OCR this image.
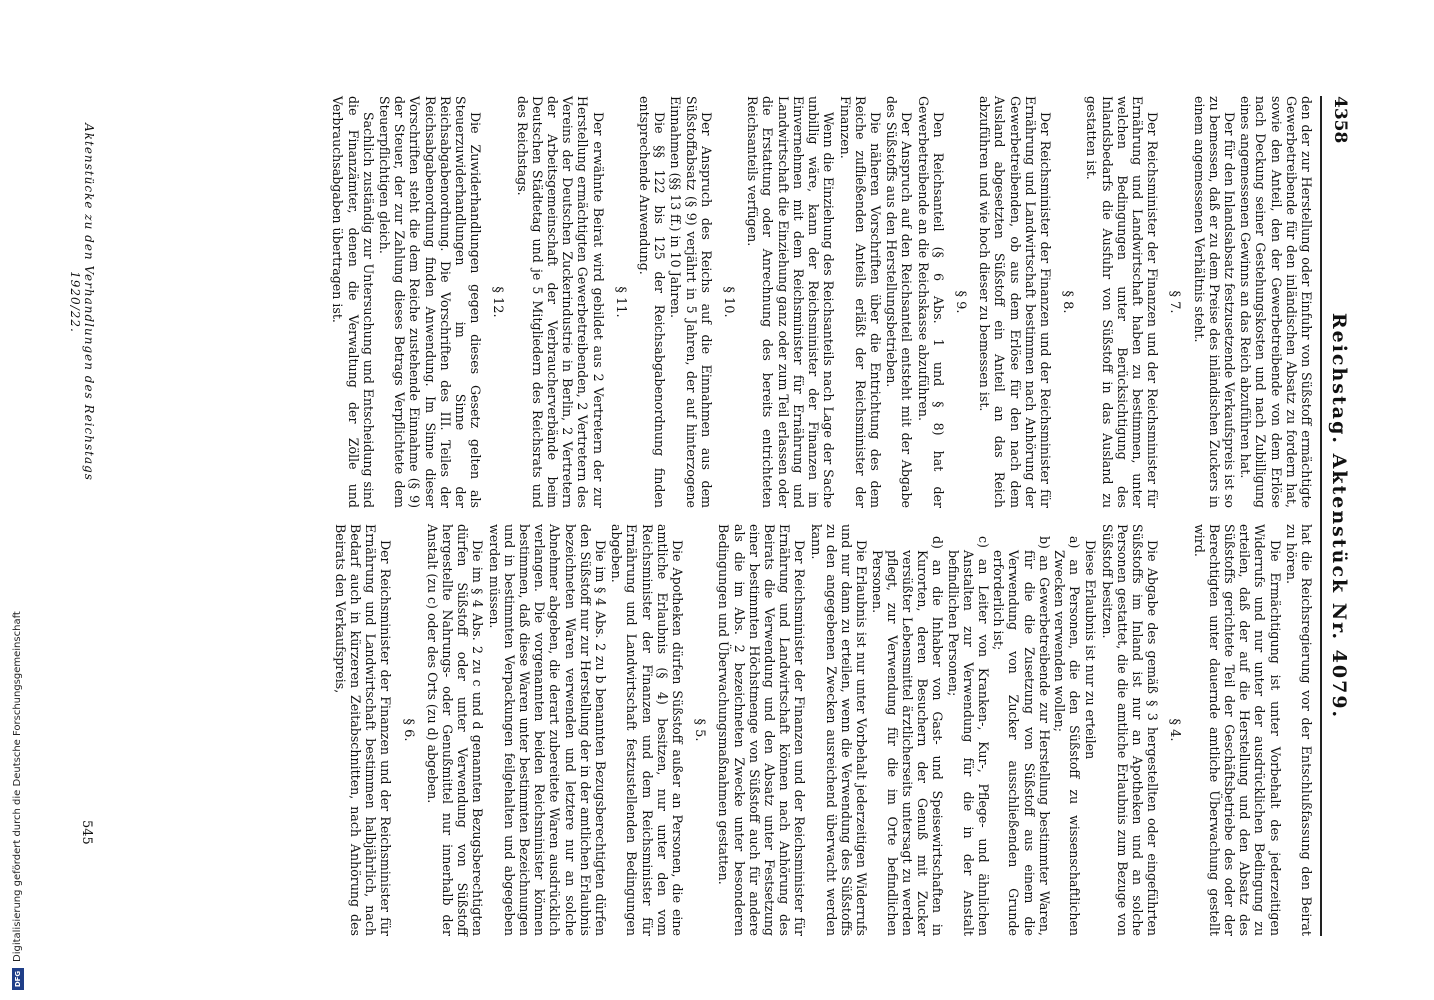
4358
Reichstag. Aktenstück Nr. 4079.

hat die Reichsregierung vor der Entschlußfassung den Beirat zu hören.

Die Ermächtigung ist unter Vorbehalt des jederzeitigen Widerrufs und nur unter der ausdrücklichen Bedingung zu erteilen, daß der auf die Herstellung und den Absatz des Süßstoffs gerichtete Teil der Geschäftsbetriebe des oder der Berechtigten unter dauernde amtliche Überwachung gestellt wird.

§ 4.

Die Abgabe des gemäß § 3 hergestellten oder eingeführten Süßstoffs im Inland ist nur an Apotheken und an solche Personen gestattet, die die amtliche Erlaubnis zum Bezuge von Süßstoff besitzen.

Diese Erlaubnis ist nur zu erteilen

a) an Personen, die den Süßstoff zu wissenschaftlichen Zwecken verwenden wollen;

b) an Gewerbetreibende zur Herstellung bestimmter Waren, für die die Zusetzung von Süßstoff aus einem die Verwendung von Zucker ausschließenden Grunde erforderlich ist;

c) an Leiter von Kranken-, Kur-, Pflege- und ähnlichen Anstalten zur Verwendung für die in der Anstalt befindlichen Personen;

d) an die Inhaber von Gast- und Speisewirtschaften in Kurorten, deren Besuchern der Genuß mit Zucker versüßter Lebensmittel ärztlicherseits untersagt zu werden pflegt, zur Verwendung für die im Orte befindlichen Personen.

Die Erlaubnis ist nur unter Vorbehalt jederzeitigen Widerrufs und nur dann zu erteilen, wenn die Verwendung des Süßstoffs zu den angegebenen Zwecken ausreichend überwacht werden kann.

Der Reichsminister der Finanzen und der Reichsminister für Ernährung und Landwirtschaft können nach Anhörung des Beirats die Verwendung und den Absatz unter Festsetzung einer bestimmten Höchstmenge von Süßstoff auch für andere als die im Abs. 2 bezeichneten Zwecke unter besonderen Bedingungen und Überwachungsmaßnahmen gestatten.

§ 5.

Die Apotheken dürfen Süßstoff außer an Personen, die eine amtliche Erlaubnis (§ 4) besitzen, nur unter den vom Reichsminister der Finanzen und dem Reichsminister für Ernährung und Landwirtschaft festzustellenden Bedingungen abgeben.

Die im § 4 Abs. 2 zu b benannten Bezugsberechtigten dürfen den Süßstoff nur zur Herstellung der in der amtlichen Erlaubnis bezeichneten Waren verwenden und letztere nur an solche Abnehmer abgeben, die derart zubereitete Waren ausdrücklich verlangen. Die vorgenannten beiden Reichsminister können bestimmen, daß diese Waren unter bestimmten Bezeichnungen und in bestimmten Verpackungen feilgehalten und abgegeben werden müssen.

Die im § 4 Abs. 2 zu c und d genannten Bezugsberechtigten dürfen Süßstoff oder unter Verwendung von Süßstoff hergestellte Nahrungs- oder Genußmittel nur innerhalb der Anstalt (zu c) oder des Orts (zu d) abgeben.

§ 6.

Der Reichsminister der Finanzen und der Reichsminister für Ernährung und Landwirtschaft bestimmen halbjährlich, nach Bedarf auch in kürzeren Zeitabschnitten, nach Anhörung des Beirats den Verkaufspreis,

den der zur Herstellung oder Einfuhr von Süßstoff ermächtigte Gewerbetreibende für den inländischen Absatz zu fordern hat, sowie den Anteil, den der Gewerbetreibende von dem Erlöse nach Deckung seiner Gestehungskosten und nach Zubilligung eines angemessenen Gewinns an das Reich abzuführen hat.

Der für den Inlandsabsatz festzusetzende Verkaufspreis ist so zu bemessen, daß er zu dem Preise des inländischen Zuckers in einem angemessenen Verhältnis steht.

§ 7.

Der Reichsminister der Finanzen und der Reichsminister für Ernährung und Landwirtschaft haben zu bestimmen, unter welchen Bedingungen unter Berücksichtigung des Inlandsbedarfs die Ausfuhr von Süßstoff in das Ausland zu gestatten ist.

§ 8.

Der Reichsminister der Finanzen und der Reichsminister für Ernährung und Landwirtschaft bestimmen nach Anhörung der Gewerbetreibenden, ob aus dem Erlöse für den nach dem Ausland abgesetzten Süßstoff ein Anteil an das Reich abzuführen und wie hoch dieser zu bemessen ist.

§ 9.

Den Reichsanteil (§ 6 Abs. 1 und § 8) hat der Gewerbetreibende an die Reichskasse abzuführen.

Der Anspruch auf den Reichsanteil entsteht mit der Abgabe des Süßstoffs aus den Herstellungsbetrieben.

Die näheren Vorschriften über die Entrichtung des dem Reiche zufließenden Anteils erläßt der Reichsminister der Finanzen.

Wenn die Einziehung des Reichsanteils nach Lage der Sache unbillig wäre, kann der Reichsminister der Finanzen im Einvernehmen mit dem Reichsminister für Ernährung und Landwirtschaft die Einziehung ganz oder zum Teil erlassen oder die Erstattung oder Anrechnung des bereits entrichteten Reichsanteils verfügen.

§ 10.

Der Anspruch des Reichs auf die Einnahmen aus dem Süßstoffabsatz (§ 9) verjährt in 5 Jahren, der auf hinterzogene Einnahmen (§§ 13 ff.) in 10 Jahren.

Die §§ 122 bis 125 der Reichsabgabenordnung finden entsprechende Anwendung.

§ 11.

Der erwähnte Beirat wird gebildet aus 2 Vertretern der zur Herstellung ermächtigten Gewerbetreibenden, 2 Vertretern des Vereins der Deutschen Zuckerindustrie in Berlin, 2 Vertretern der Arbeitsgemeinschaft der Verbraucherverbände beim Deutschen Städtetag und je 5 Mitgliedern des Reichsrats und des Reichstags.

§ 12.

Die Zuwiderhandlungen gegen dieses Gesetz gelten als Steuerzuwiderhandlungen im Sinne der Reichsabgabenordnung. Die Vorschriften des III. Teiles der Reichsabgabenordnung finden Anwendung. Im Sinne dieser Vorschriften steht die dem Reiche zustehende Einnahme (§ 9) der Steuer, der zur Zahlung dieses Betrags Verpflichtete dem Steuerpflichtigen gleich.

Sachlich zuständig zur Untersuchung und Entscheidung sind die Finanzämter, denen die Verwaltung der Zölle und Verbrauchsabgaben übertragen ist.

Aktenstücke zu den Verhandlungen des Reichstags 1920/22.
545
DFG
Digitalisierung gefördert durch die Deutsche Forschungsgemeinschaft
